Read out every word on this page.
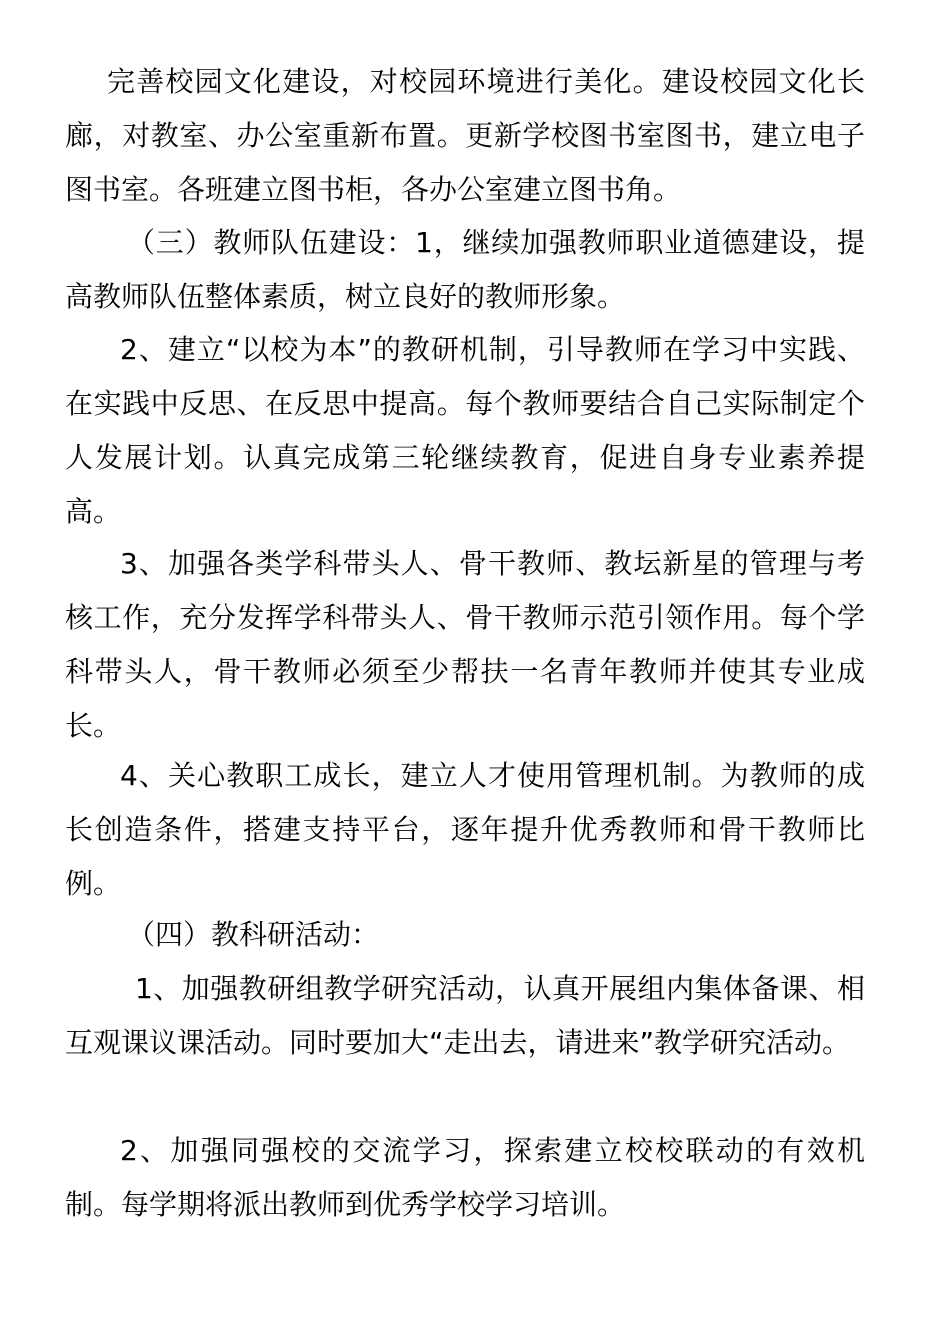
完善校园文化建设，对校园环境进行美化。建设校园文化长廊，对教室、办公室重新布置。更新学校图书室图书，建立电子图书室。各班建立图书柜，各办公室建立图书角。

（三）教师队伍建设：1，继续加强教师职业道德建设，提高教师队伍整体素质，树立良好的教师形象。

2、建立“以校为本”的教研机制，引导教师在学习中实践、在实践中反思、在反思中提高。每个教师要结合自己实际制定个人发展计划。认真完成第三轮继续教育，促进自身专业素养提高。

3、加强各类学科带头人、骨干教师、教坛新星的管理与考核工作，充分发挥学科带头人、骨干教师示范引领作用。每个学科带头人，骨干教师必须至少帮扶一名青年教师并使其专业成长。

4、关心教职工成长，建立人才使用管理机制。为教师的成长创造条件，搭建支持平台，逐年提升优秀教师和骨干教师比例。

（四）教科研活动：

1、加强教研组教学研究活动，认真开展组内集体备课、相互观课议课活动。同时要加大“走出去，请进来”教学研究活动。

2、加强同强校的交流学习，探索建立校校联动的有效机制。每学期将派出教师到优秀学校学习培训。
